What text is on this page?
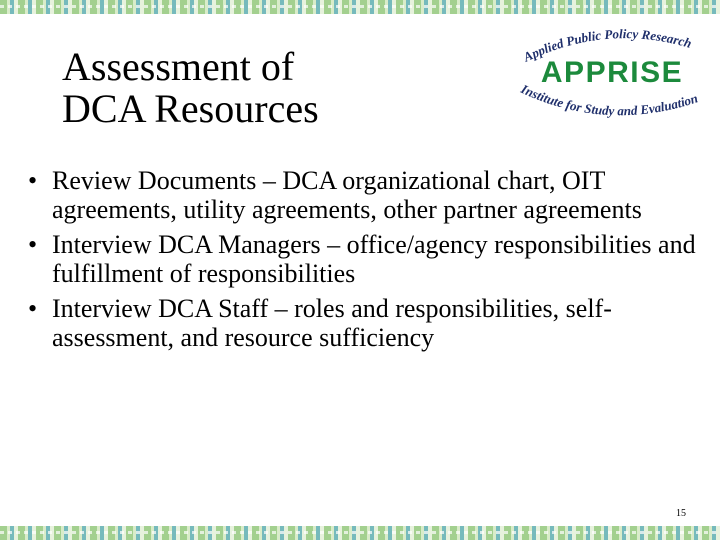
Assessment of
DCA Resources
Applied Public Policy Research
APPRISE
Institute for Study and Evaluation
• Review Documents – DCA organizational chart, OIT agreements, utility agreements, other partner agreements
• Interview DCA Managers – office/agency responsibilities and fulfillment of responsibilities
• Interview DCA Staff – roles and responsibilities, self-assessment, and resource sufficiency
15
